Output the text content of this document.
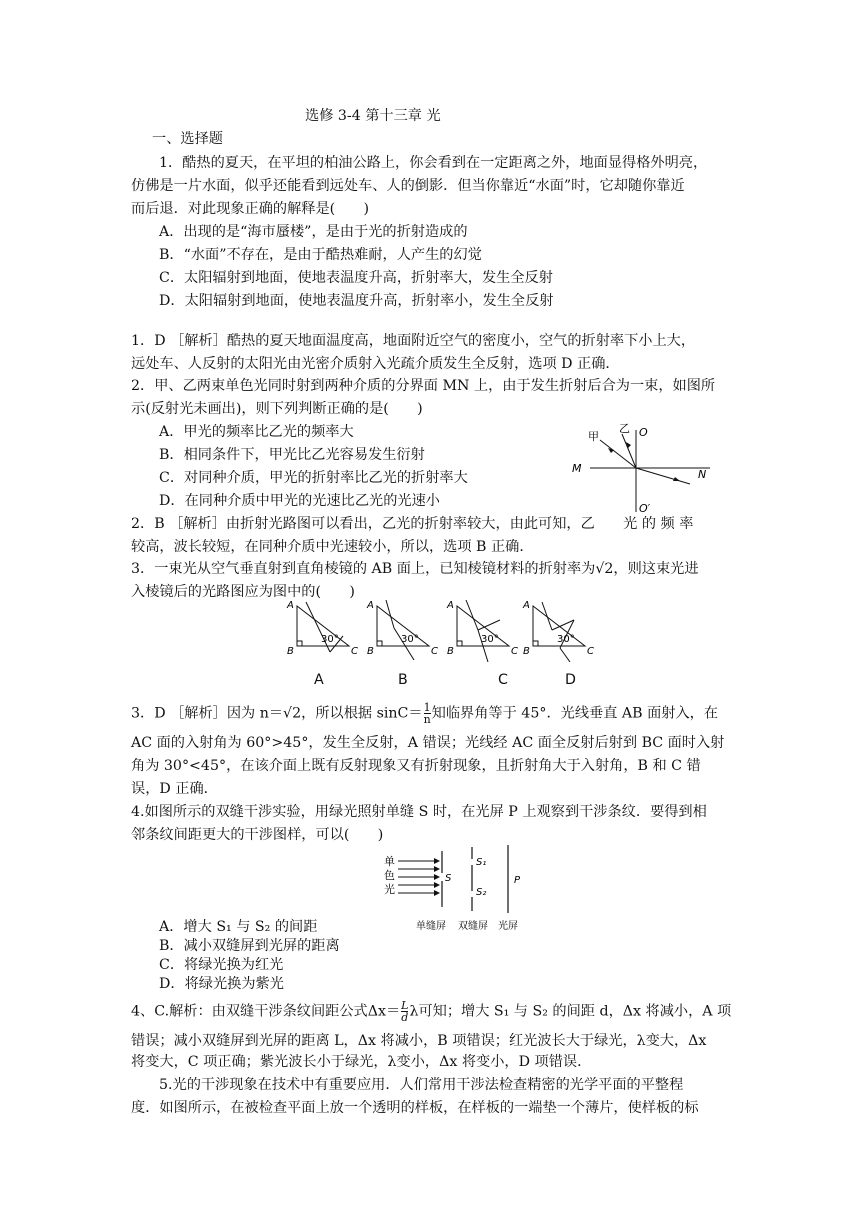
选修 3-4 第十三章 光
一、选择题
1．酷热的夏天，在平坦的柏油公路上，你会看到在一定距离之外，地面显得格外明亮，
仿佛是一片水面，似乎还能看到远处车、人的倒影．但当你靠近“水面”时，它却随你靠近
而后退．对此现象正确的解释是(　　)
A．出现的是“海市蜃楼”，是由于光的折射造成的
B．“水面”不存在，是由于酷热难耐，人产生的幻觉
C．太阳辐射到地面，使地表温度升高，折射率大，发生全反射
D．太阳辐射到地面，使地表温度升高，折射率小，发生全反射
1．D ［解析］酷热的夏天地面温度高，地面附近空气的密度小，空气的折射率下小上大，
远处车、人反射的太阳光由光密介质射入光疏介质发生全反射，选项 D 正确．
2．甲、乙两束单色光同时射到两种介质的分界面 MN 上，由于发生折射后合为一束，如图所
示(反射光未画出)，则下列判断正确的是(　　)
A．甲光的频率比乙光的频率大
B．相同条件下，甲光比乙光容易发生衍射
C．对同种介质，甲光的折射率比乙光的折射率大
D．在同种介质中甲光的光速比乙光的光速小
甲
乙 O
M	N
O′
2．B ［解析］由折射光路图可以看出，乙光的折射率较大，由此可知，乙　　光 的 频 率
较高，波长较短，在同种介质中光速较小，所以，选项 B 正确．
3．一束光从空气垂直射到直角棱镜的 AB 面上，已知棱镜材料的折射率为√2，则这束光进
入棱镜后的光路图应为图中的(　　)
A
B	C
30°
A
B	C
30°
A
B	C
30°
A
B	C
30°
A	B	C	D
3．D ［解析］因为 n＝√2，所以根据 $\sin C= \frac{1}{n}$ 知临界角等于 45°．光线垂直 AB 面射入，在
AC 面的入射角为 60°>45°，发生全反射，A 错误；光线经 AC 面全反射后射到 BC 面时入射
角为 30°<45°，在该介面上既有反射现象又有折射现象，且折射角大于入射角，B 和 C 错
误，D 正确．
4.如图所示的双缝干涉实验，用绿光照射单缝 S 时，在光屏 P 上观察到干涉条纹．要得到相
邻条纹间距更大的干涉图样，可以(　　)
单
色
光
S
S₁
S₂
P
单缝屏 双缝屏 光屏
A．增大 S₁ 与 S₂ 的间距
B．减小双缝屏到光屏的距离
C．将绿光换为红光
D．将绿光换为紫光
4、C.解析：由双缝干涉条纹间距公式$\Delta x= \frac{L}{d}$ λ可知；增大 S₁ 与 S₂ 的间距 d，Δx 将减小，A 项
错误；减小双缝屏到光屏的距离 L，Δx 将减小，B 项错误；红光波长大于绿光，λ变大，Δx
将变大，C 项正确；紫光波长小于绿光，λ变小，Δx 将变小，D 项错误．
5.光的干涉现象在技术中有重要应用．人们常用干涉法检查精密的光学平面的平整程
度．如图所示，在被检查平面上放一个透明的样板，在样板的一端垫一个薄片，使样板的标
